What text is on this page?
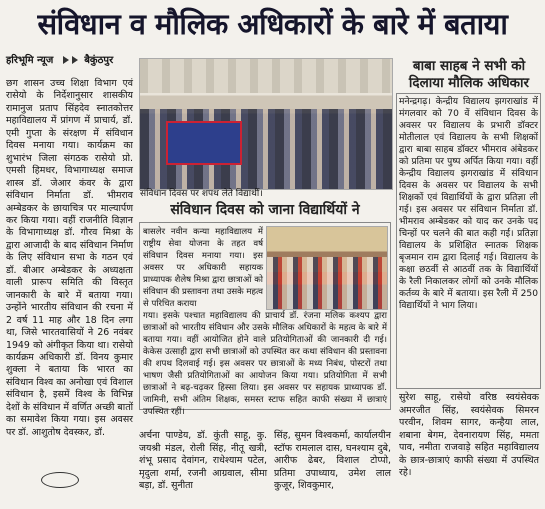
संविधान व मौलिक अधिकारों के बारे में बताया
हरिभूमि न्यूज	बैकुंठपुर
छग शासन उच्च शिक्षा विभाग एवं रासेयो के निर्देशानुसार शासकीय रामानुज प्रताप सिंहदेव स्नातकोत्तर महाविद्यालय में प्रांगण में प्राचार्य, डॉ. एमी गुप्ता के संरक्षण में संविधान दिवस मनाया गया। कार्यक्रम का शुभारंभ जिला संगठक रासेयो प्रो. एमसी हिमधर, विभागाध्यक्ष समाज शास्त्र डॉ. जेआर कंवर के द्वारा संविधान निर्माता डॉ. भीमराव अम्बेडकर के छायाचित्र पर माल्यार्पण कर किया गया। वहीं राजनीति विज्ञान के विभागाध्यक्ष डॉ. गौरव मिश्रा के द्वारा आजादी के बाद संविधान निर्माण के लिए संविधान सभा के गठन एवं डॉ. बीआर अम्बेडकर के अध्यक्षता वाली प्रारूप समिति की विस्तृत जानकारी के बारे में बताया गया। उन्होंने भारतीय संविधान की रचना में 2 वर्ष 11 माह और 18 दिन लगा था, जिसे भारतवासियों ने 26 नवंबर 1949 को अंगीकृत किया था। रासेयो कार्यक्रम अधिकारी डॉ. विनय कुमार शुक्ला ने बताया कि भारत का संविधान विश्व का अनोखा एवं विशाल संविधान है, इसमें विश्व के विभिन्न देशों के संविधान में वर्णित अच्छी बातों का समावेश किया गया। इस अवसर पर डॉ. आशुतोष देवस्कर, डॉ.
संविधान दिवस पर शपथ लेते विद्यार्थी।
बाबा साहब ने सभी को दिलाया मौलिक अधिकार
मनेन्द्रगढ़। केन्द्रीय विद्यालय झगराखांड में मंगलवार को 70 वें संविधान दिवस के अवसर पर विद्यालय के प्रभारी डॉक्टर मोतीलाल एवं विद्यालय के सभी शिक्षकों द्वारा बाबा साहब डॉक्टर भीमराव अंबेडकर को प्रतिमा पर पुष्प अर्पित किया गया। वहीं केन्द्रीय विद्यालय झगराखांड में संविधान दिवस के अवसर पर विद्यालय के सभी शिक्षकों एवं विद्यार्थियों के द्वारा प्रतिज्ञा ली गई। इस अवसर पर संविधान निर्माता डॉ. भीमराव अम्बेडकर को याद कर उनके पद चिन्हों पर चलने की बात कही गई। प्रतिज्ञा विद्यालय के प्रशिक्षित स्नातक शिक्षक बृजमान राम द्वारा दिलाई गई। विद्यालय के कक्षा छठवीं से आठवीं तक के विद्यार्थियों के रैली निकालकर लोगों को उनके मौलिक कर्तव्य के बारे में बताया। इस रैली में 250 विद्यार्थियों ने भाग लिया।
संविधान दिवस को जाना विद्यार्थियों ने
बासलेर नवीन कन्या महाविद्यालय में राष्ट्रीय सेवा योजना के तहत वर्ष संविधान दिवस मनाया गया। इस अवसर पर अधिकारी सहायक प्राध्यापक शैलेष मिश्रा द्वारा छात्राओं को संविधान की प्रस्तावना तथा उसके महत्व से परिचित कराया
गया। इसके पश्चात महाविद्यालय की प्राचार्य डॉ. रंजना मलिक कश्यप द्वारा छात्राओं को भारतीय संविधान और उसके मौलिक अधिकारों के महत्व के बारे में बताया गया। वहीं आयोजित होने वाले प्रतियोगिताओं की जानकारी दी गई। केकेस उत्साही द्वारा सभी छात्राओं को उपस्थित कर कथा संविधान की प्रस्तावना की शपथ दिलवाई गई। इस अवसर पर छात्राओं के मध्य निबंध, पोस्टरों तथा भाषण जैसी प्रतियोगिताओं का आयोजन किया गया। प्रतियोगिता में सभी छात्राओं ने बढ़-चढ़कर हिस्सा लिया। इस अवसर पर सहायक प्राध्यापक डॉ. जामिनी, सभी अंतिम शिक्षक, समस्त स्टाफ सहित काफी संख्या में छात्राएं उपस्थित रहीं।
अर्चना पाण्डेय, डॉ. कुंती साहू, कु. जयश्री मंडल, रोली सिंह, नीतू खत्री, शंभू प्रसाद देवांगन, राधेश्याम पटेल, मृदुला शर्मा, रजनी आग्रवाल, सीमा बड़ा, डॉ. सुनीता
सिंह, सुमन विश्वकर्मा, कार्यालयीन स्टॉफ रामलाल दास, घनश्याम दुबे, आरीफ ढेबर, विशाल टोप्पो, प्रतिमा उपाध्याय, उमेश लाल कुजूर, शिवकुमार,
सुरेश साहू, रासेयो वरिष्ठ स्वयंसेवक अमरजीत सिंह, स्वयंसेवक सिमरन परवीन, शिवम सागर, कन्हैया लाल, शबाना बेगम, देवनारायण सिंह, ममता पाव, नमीता राजवाड़े सहित महाविद्यालय के छात्र-छात्राएं काफी संख्या में उपस्थित रहे।
